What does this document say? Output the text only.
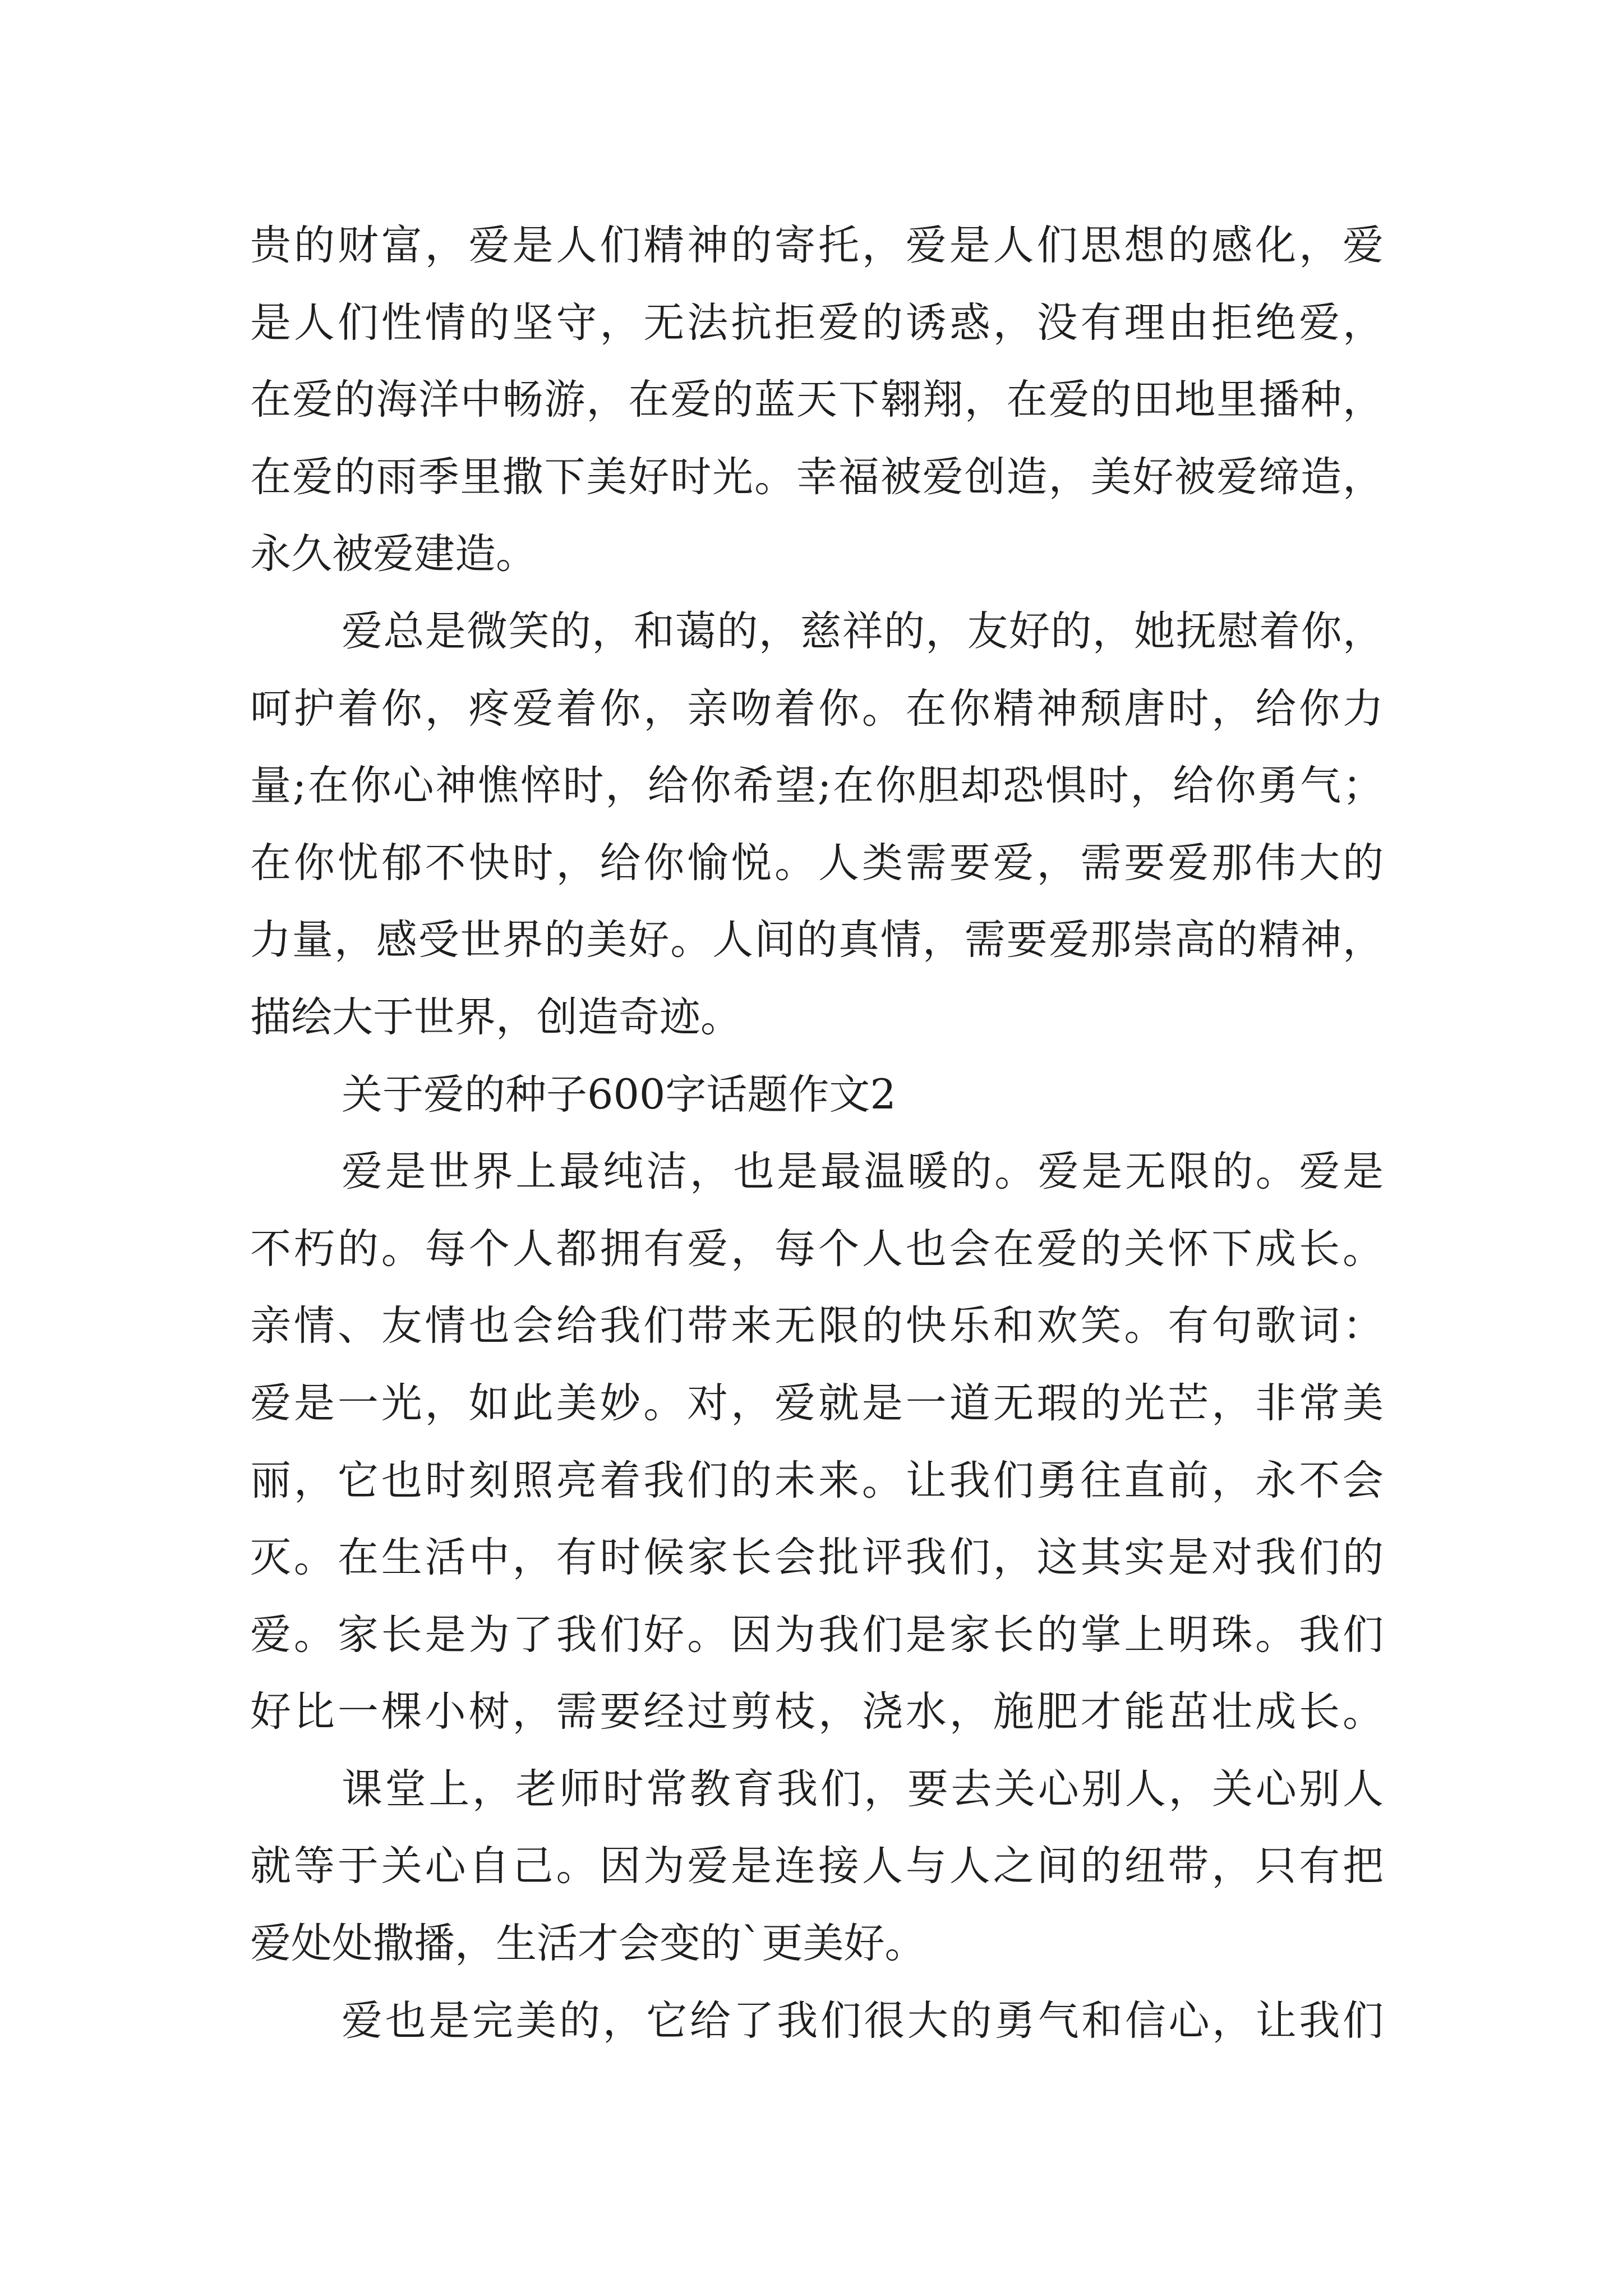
贵的财富，爱是人们精神的寄托，爱是人们思想的感化，爱
是人们性情的坚守，无法抗拒爱的诱惑，没有理由拒绝爱，
在爱的海洋中畅游，在爱的蓝天下翱翔，在爱的田地里播种，
在爱的雨季里撒下美好时光。幸福被爱创造，美好被爱缔造，
永久被爱建造。
爱总是微笑的，和蔼的，慈祥的，友好的，她抚慰着你，
呵护着你，疼爱着你，亲吻着你。在你精神颓唐时，给你力
量;在你心神憔悴时，给你希望;在你胆却恐惧时，给你勇气；
在你忧郁不快时，给你愉悦。人类需要爱，需要爱那伟大的
力量，感受世界的美好。人间的真情，需要爱那崇高的精神，
描绘大于世界，创造奇迹。
关于爱的种子600字话题作文2
爱是世界上最纯洁，也是最温暖的。爱是无限的。爱是
不朽的。每个人都拥有爱，每个人也会在爱的关怀下成长。
亲情、友情也会给我们带来无限的快乐和欢笑。有句歌词：
爱是一光，如此美妙。对，爱就是一道无瑕的光芒，非常美
丽，它也时刻照亮着我们的未来。让我们勇往直前，永不会
灭。在生活中，有时候家长会批评我们，这其实是对我们的
爱。家长是为了我们好。因为我们是家长的掌上明珠。我们
好比一棵小树，需要经过剪枝，浇水，施肥才能茁壮成长。
课堂上，老师时常教育我们，要去关心别人，关心别人
就等于关心自己。因为爱是连接人与人之间的纽带，只有把
爱处处撒播，生活才会变的`更美好。
爱也是完美的，它给了我们很大的勇气和信心，让我们
